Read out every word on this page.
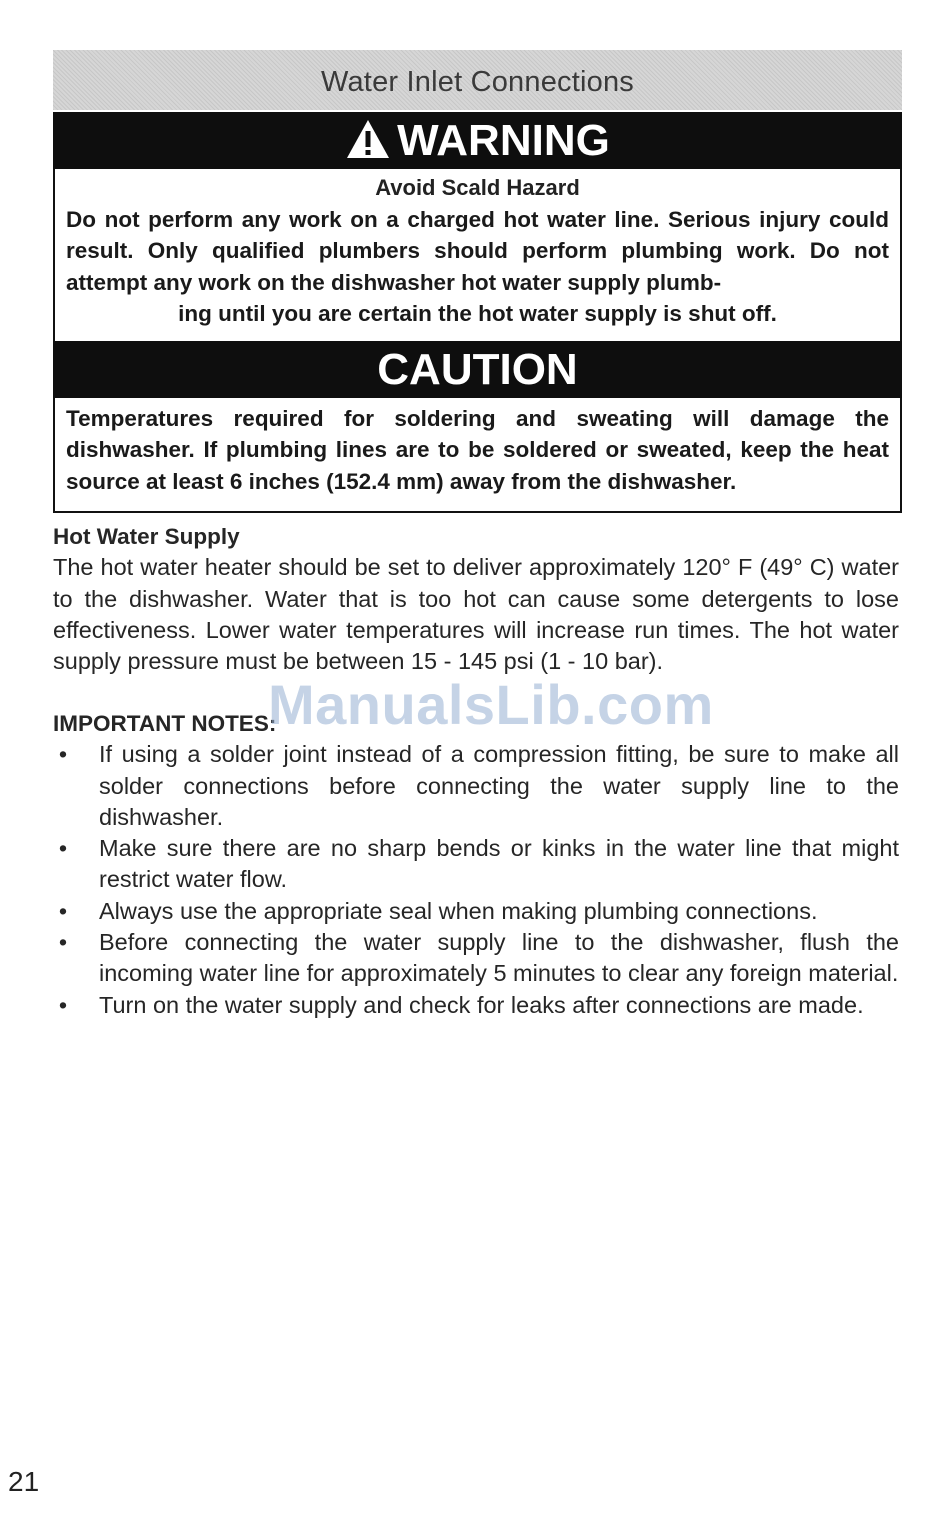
Water Inlet Connections
WARNING
Avoid Scald Hazard
Do not perform any work on a charged hot water line. Serious injury could result. Only qualified plumbers should perform plumbing work. Do not attempt any work on the dishwasher hot water supply plumb-
ing until you are certain the hot water supply is shut off.
CAUTION
Temperatures required for soldering and sweating will damage the dishwasher. If plumbing lines are to be soldered or sweated, keep the heat source at least 6 inches (152.4 mm) away from the dishwasher.
Hot Water Supply
The hot water heater should be set to deliver approximately 120° F (49° C) water to the dishwasher. Water that is too hot can cause some detergents to lose effectiveness. Lower water temperatures will increase run times. The hot water supply pressure must be between 15 - 145 psi (1 - 10 bar).
IMPORTANT NOTES:
• If using a solder joint instead of a compression fitting, be sure to make all solder connections before connecting the water supply line to the dishwasher.
• Make sure there are no sharp bends or kinks in the water line that might restrict water flow.
• Always use the appropriate seal when making plumbing connections.
• Before connecting the water supply line to the dishwasher, flush the incoming water line for approximately 5 minutes to clear any foreign material.
• Turn on the water supply and check for leaks after connections are made.
ManualsLib.com
21
